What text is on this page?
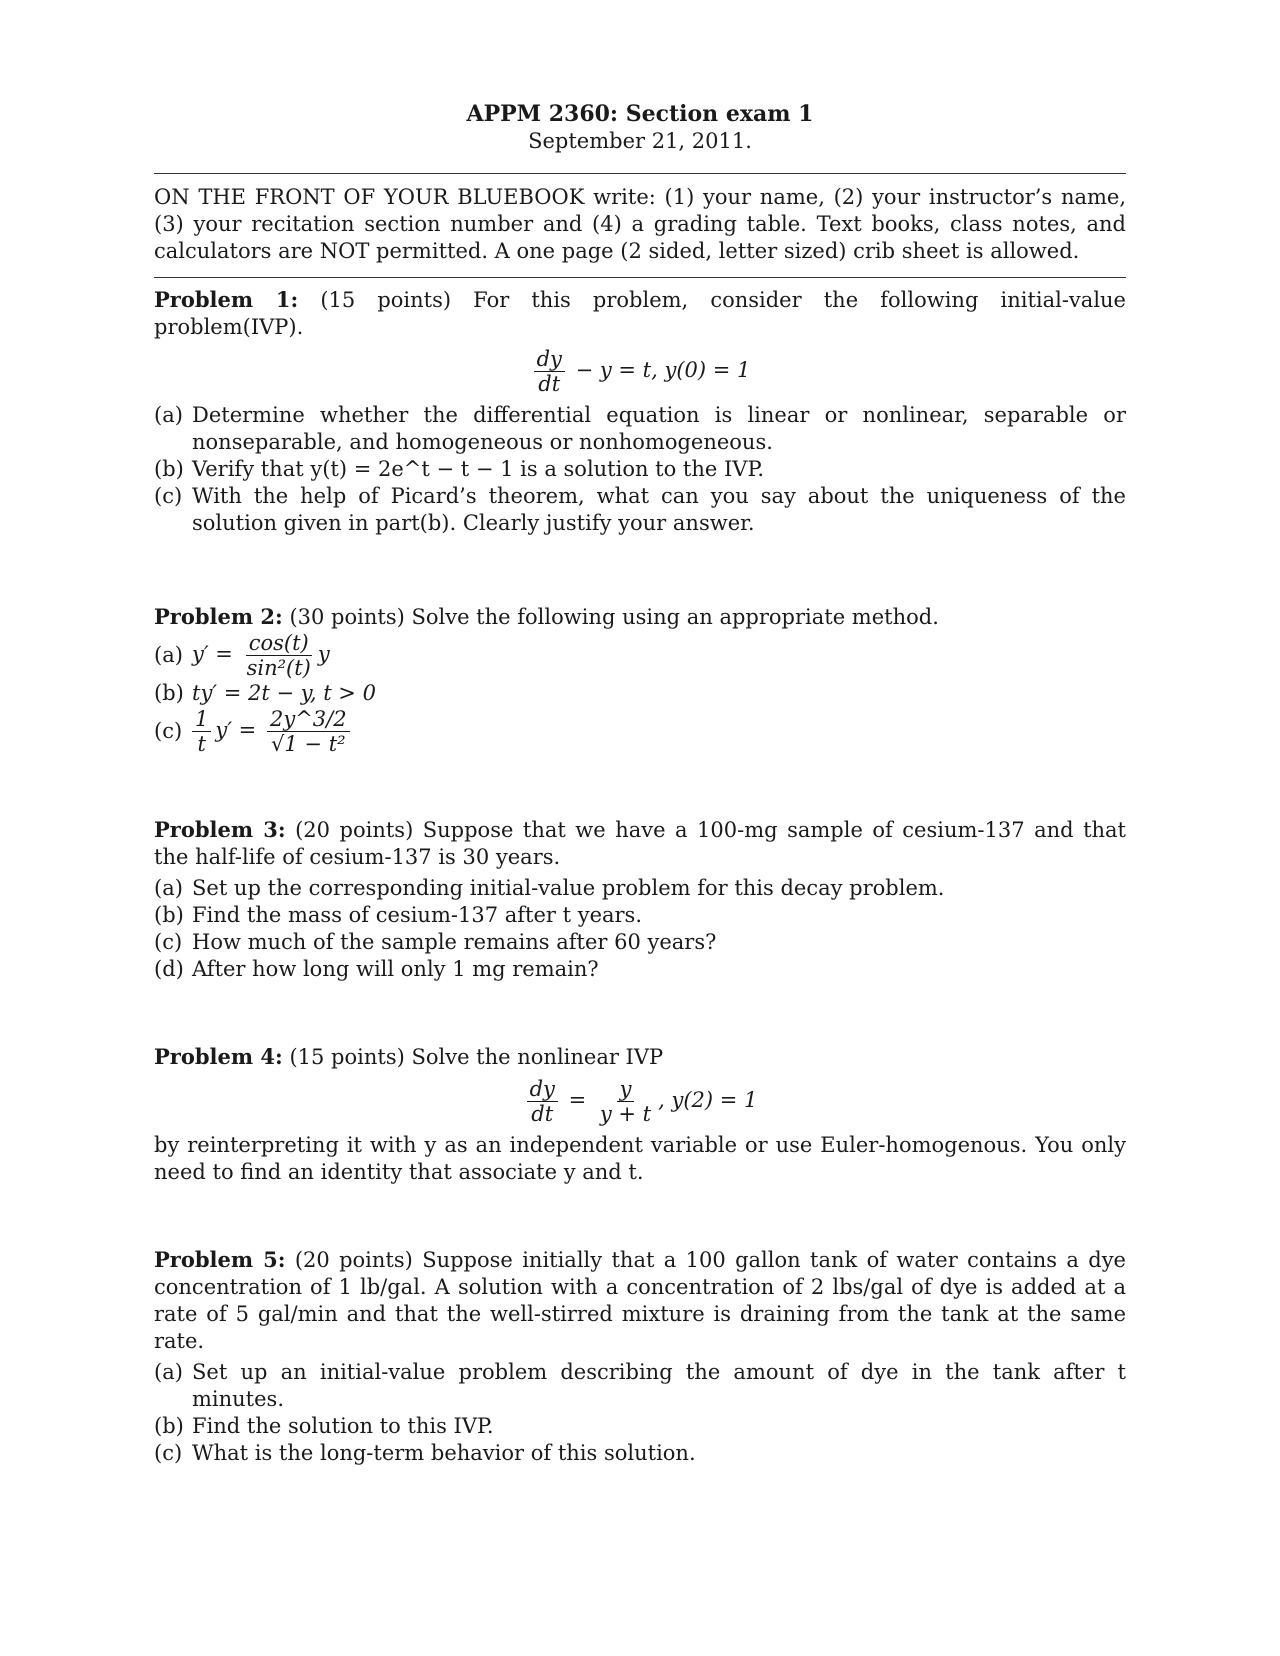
APPM 2360: Section exam 1
September 21, 2011.
ON THE FRONT OF YOUR BLUEBOOK write: (1) your name, (2) your instructor’s name, (3) your recitation section number and (4) a grading table. Text books, class notes, and calculators are NOT permitted. A one page (2 sided, letter sized) crib sheet is allowed.
Problem 1: (15 points) For this problem, consider the following initial-value problem(IVP).
$\frac{dy}{dt} - y = t$, y(0) = 1
(a) Determine whether the differential equation is linear or nonlinear, separable or nonseparable, and homogeneous or nonhomogeneous.
(b) Verify that y(t) = 2e^t − t − 1 is a solution to the IVP.
(c) With the help of Picard’s theorem, what can you say about the uniqueness of the solution given in part(b). Clearly justify your answer.
Problem 2: (30 points) Solve the following using an appropriate method.
(a) $y' = \frac{\cos(t)}{\text{sin²(t)}}$ y
(b) ty′ = 2t − y, t > 0
$(c) \frac{1}{t} y' = \frac{2y\^{}3/2}{\text{√1 − t²}}$
Problem 3: (20 points) Suppose that we have a 100-mg sample of cesium-137 and that the half-life of cesium-137 is 30 years.
(a) Set up the corresponding initial-value problem for this decay problem.
(b) Find the mass of cesium-137 after t years.
(c) How much of the sample remains after 60 years?
(d) After how long will only 1 mg remain?
Problem 4: (15 points) Solve the nonlinear IVP
$\frac{dy}{dt} = \frac{y}{y + t}$ , y(2) = 1
by reinterpreting it with y as an independent variable or use Euler-homogenous. You only need to find an identity that associate y and t.
Problem 5: (20 points) Suppose initially that a 100 gallon tank of water contains a dye concentration of 1 lb/gal. A solution with a concentration of 2 lbs/gal of dye is added at a rate of 5 gal/min and that the well-stirred mixture is draining from the tank at the same rate.
(a) Set up an initial-value problem describing the amount of dye in the tank after t minutes.
(b) Find the solution to this IVP.
(c) What is the long-term behavior of this solution.
